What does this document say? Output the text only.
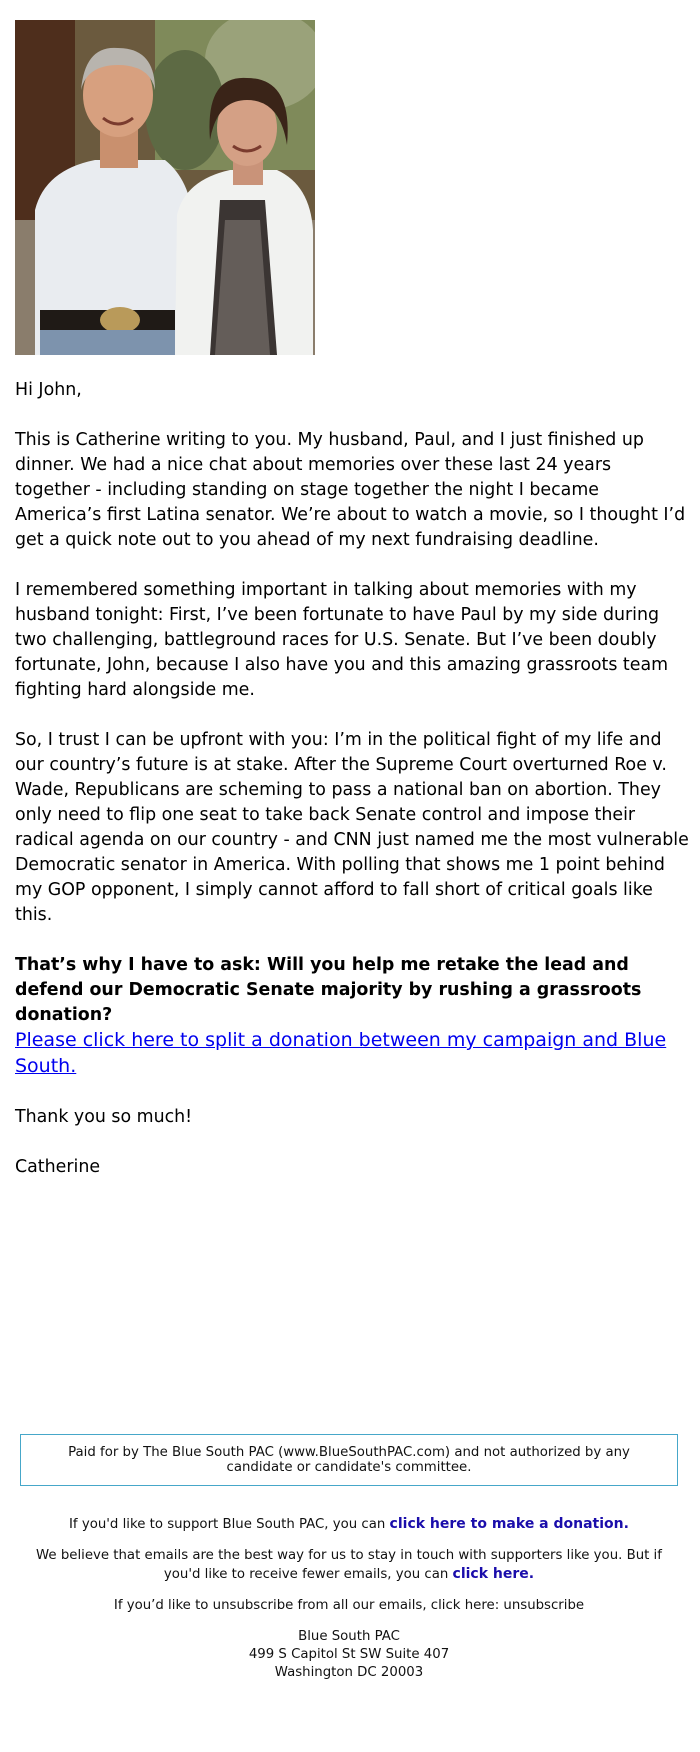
Hi John,

This is Catherine writing to you. My husband, Paul, and I just finished up dinner. We had a nice chat about memories over these last 24 years together - including standing on stage together the night I became America’s first Latina senator. We’re about to watch a movie, so I thought I’d get a quick note out to you ahead of my next fundraising deadline.

I remembered something important in talking about memories with my husband tonight: First, I’ve been fortunate to have Paul by my side during two challenging, battleground races for U.S. Senate. But I’ve been doubly fortunate, John, because I also have you and this amazing grassroots team fighting hard alongside me.

So, I trust I can be upfront with you: I’m in the political fight of my life and our country’s future is at stake. After the Supreme Court overturned Roe v. Wade, Republicans are scheming to pass a national ban on abortion. They only need to flip one seat to take back Senate control and impose their radical agenda on our country - and CNN just named me the most vulnerable Democratic senator in America. With polling that shows me 1 point behind my GOP opponent, I simply cannot afford to fall short of critical goals like this.

That’s why I have to ask: Will you help me retake the lead and defend our Democratic Senate majority by rushing a grassroots donation?

Please click here to split a donation between my campaign and Blue South.

Thank you so much!

Catherine

Paid for by The Blue South PAC (www.BlueSouthPAC.com) and not authorized by any candidate or candidate's committee.
If you'd like to support Blue South PAC, you can click here to make a donation.
We believe that emails are the best way for us to stay in touch with supporters like you. But if you'd like to receive fewer emails, you can click here.
If you’d like to unsubscribe from all our emails, click here: unsubscribe
Blue South PAC
499 S Capitol St SW Suite 407
Washington DC 20003
